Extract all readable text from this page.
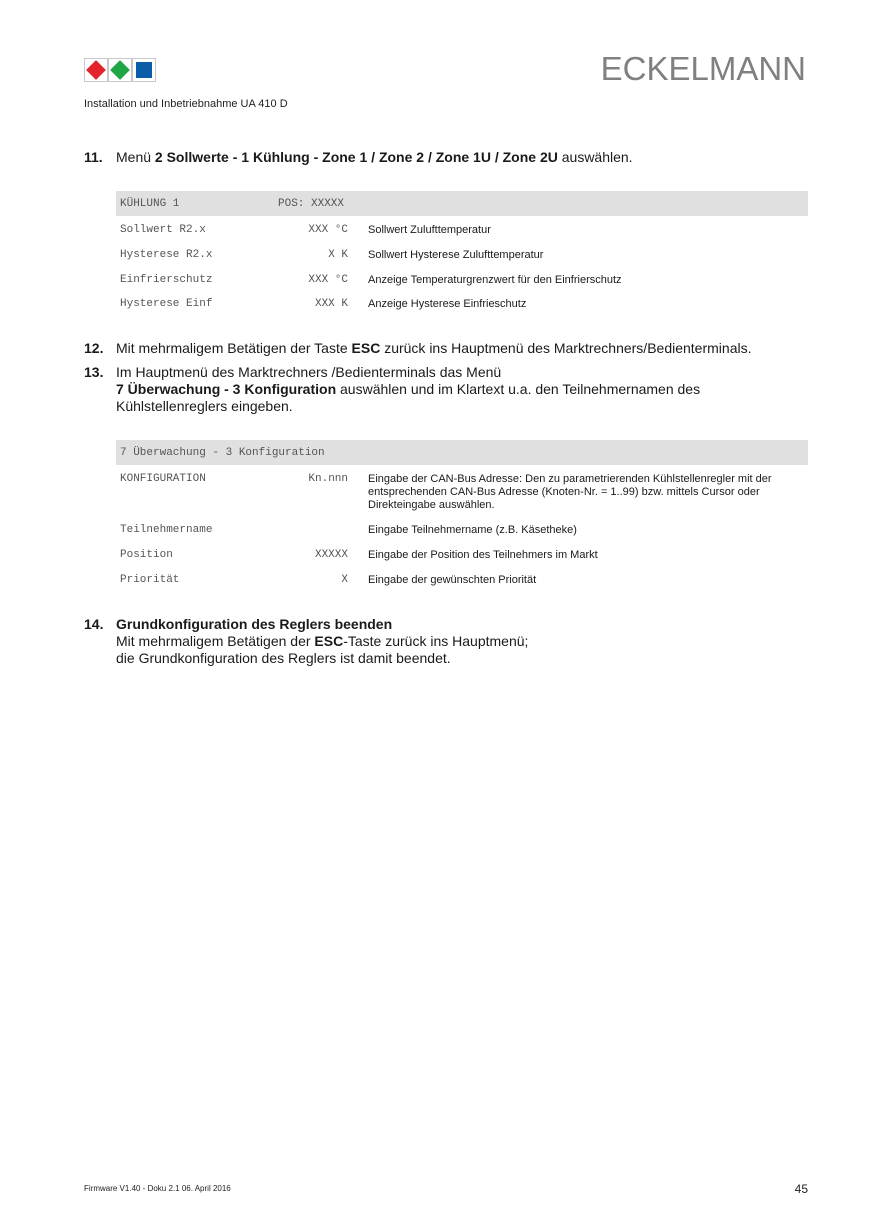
ECKELMANN
Installation und Inbetriebnahme UA 410 D
11. Menü 2 Sollwerte - 1 Kühlung - Zone 1 / Zone 2 / Zone 1U / Zone 2U auswählen.
KÜHLUNG 1	POS: XXXXX
Sollwert R2.x	XXX °C Sollwert Zulufttemperatur
Hysterese R2.x	X K Sollwert Hysterese Zulufttemperatur
Einfrierschutz	XXX °C Anzeige Temperaturgrenzwert für den Einfrierschutz
Hysterese Einf	XXX K Anzeige Hysterese Einfrieschutz
12. Mit mehrmaligem Betätigen der Taste ESC zurück ins Hauptmenü des Marktrechners/Bedienterminals.
13. Im Hauptmenü des Marktrechners /Bedienterminals das Menü
7 Überwachung - 3 Konfiguration auswählen und im Klartext u.a. den Teilnehmernamen des
Kühlstellenreglers eingeben.
7 Überwachung - 3 Konfiguration
KONFIGURATION	Kn.nnn Eingabe der CAN-Bus Adresse: Den zu parametrierenden Kühlstellenregler mit der entsprechenden CAN-Bus Adresse (Knoten-Nr. = 1..99) bzw. mittels Cursor oder Direkteingabe auswählen.
Teilnehmername	Eingabe Teilnehmername (z.B. Käsetheke)
Position	XXXXX Eingabe der Position des Teilnehmers im Markt
Priorität	X Eingabe der gewünschten Priorität
14. Grundkonfiguration des Reglers beenden
Mit mehrmaligem Betätigen der ESC-Taste zurück ins Hauptmenü;
die Grundkonfiguration des Reglers ist damit beendet.
Firmware V1.40 - Doku 2.1 06. April 2016	45
